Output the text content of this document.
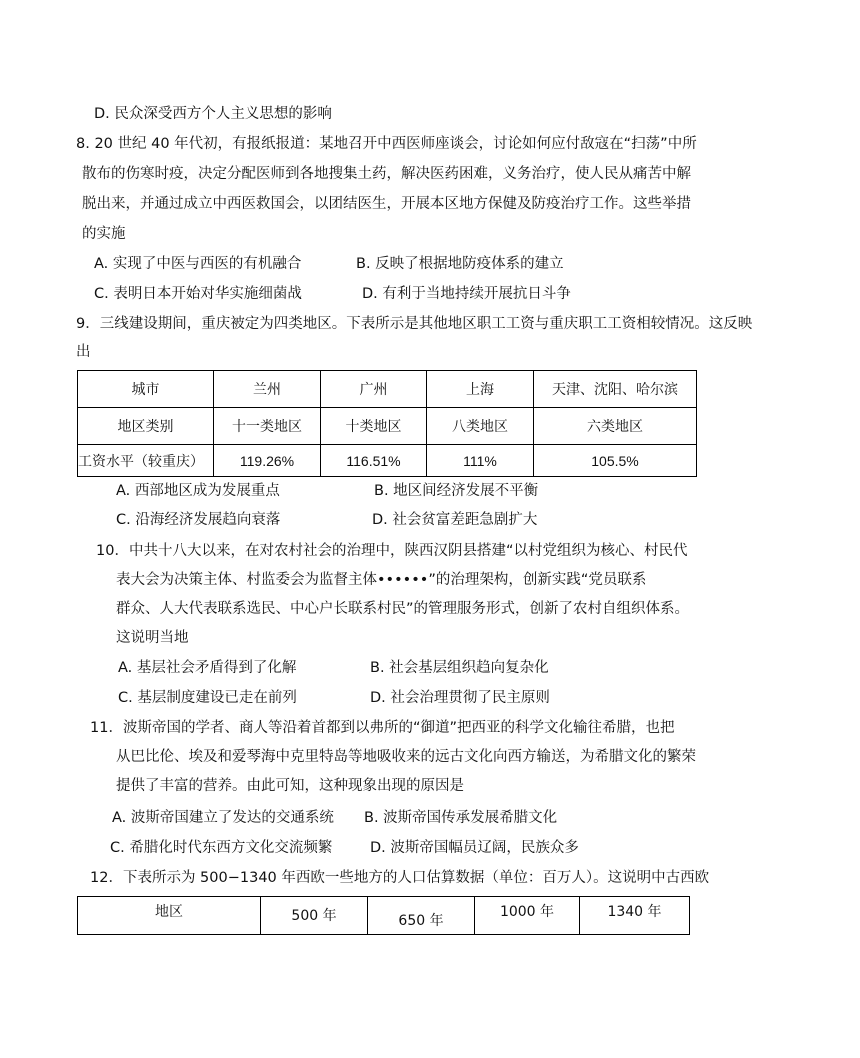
D. 民众深受西方个人主义思想的影响
8. 20 世纪 40 年代初，有报纸报道：某地召开中西医师座谈会，讨论如何应付敌寇在“扫荡”中所
散布的伤寒时疫，决定分配医师到各地搜集土药，解决医药困难，义务治疗，使人民从痛苦中解
脱出来，并通过成立中西医救国会，以团结医生，开展本区地方保健及防疫治疗工作。这些举措
的实施
A. 实现了中医与西医的有机融合	B. 反映了根据地防疫体系的建立
C. 表明日本开始对华实施细菌战	D. 有利于当地持续开展抗日斗争
9．三线建设期间，重庆被定为四类地区。下表所示是其他地区职工工资与重庆职工工资相较情况。这反映
出
城市	兰州	广州	上海	天津、沈阳、哈尔滨
地区类别	十一类地区	十类地区	八类地区	六类地区
工资水平（较重庆）	119.26%	116.51%	111%	105.5%
A. 西部地区成为发展重点	B. 地区间经济发展不平衡
C. 沿海经济发展趋向衰落	D. 社会贫富差距急剧扩大
10．中共十八大以来，在对农村社会的治理中，陕西汉阴县搭建“以村党组织为核心、村民代
表大会为决策主体、村监委会为监督主体••••••”的治理架构，创新实践“党员联系
群众、人大代表联系选民、中心户长联系村民”的管理服务形式，创新了农村自组织体系。
这说明当地
A. 基层社会矛盾得到了化解	B. 社会基层组织趋向复杂化
C. 基层制度建设已走在前列	D. 社会治理贯彻了民主原则
11．波斯帝国的学者、商人等沿着首都到以弗所的“御道”把西亚的科学文化输往希腊，也把
从巴比伦、埃及和爱琴海中克里特岛等地吸收来的远古文化向西方输送，为希腊文化的繁荣
提供了丰富的营养。由此可知，这种现象出现的原因是
A. 波斯帝国建立了发达的交通系统 B. 波斯帝国传承发展希腊文化
C. 希腊化时代东西方文化交流频繁	D. 波斯帝国幅员辽阔，民族众多
12．下表所示为 500−1340 年西欧一些地方的人口估算数据（单位：百万人）。这说明中古西欧
地区	500 年	650 年	1000 年	1340 年
